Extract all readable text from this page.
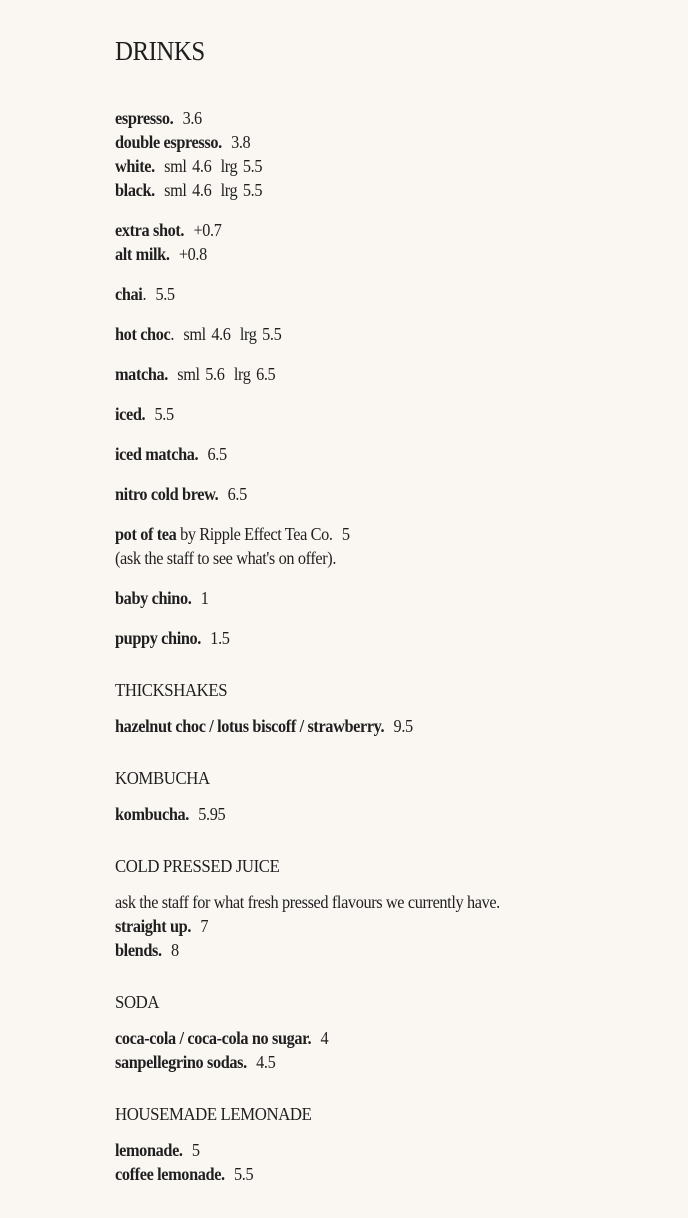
DRINKS
espresso. 3.6
double espresso. 3.8
white. sml 4.6 lrg 5.5
black. sml 4.6 lrg 5.5
extra shot. +0.7
alt milk. +0.8
chai. 5.5
hot choc. sml 4.6 lrg 5.5
matcha. sml 5.6 lrg 6.5
iced. 5.5
iced matcha. 6.5
nitro cold brew. 6.5
pot of tea by Ripple Effect Tea Co. 5
(ask the staff to see what's on offer).
baby chino. 1
puppy chino. 1.5
THICKSHAKES
hazelnut choc / lotus biscoff / strawberry. 9.5
KOMBUCHA
kombucha. 5.95
COLD PRESSED JUICE
ask the staff for what fresh pressed flavours we currently have.
straight up. 7
blends. 8
SODA
coca-cola / coca-cola no sugar. 4
sanpellegrino sodas. 4.5
HOUSEMADE LEMONADE
lemonade. 5
coffee lemonade. 5.5
